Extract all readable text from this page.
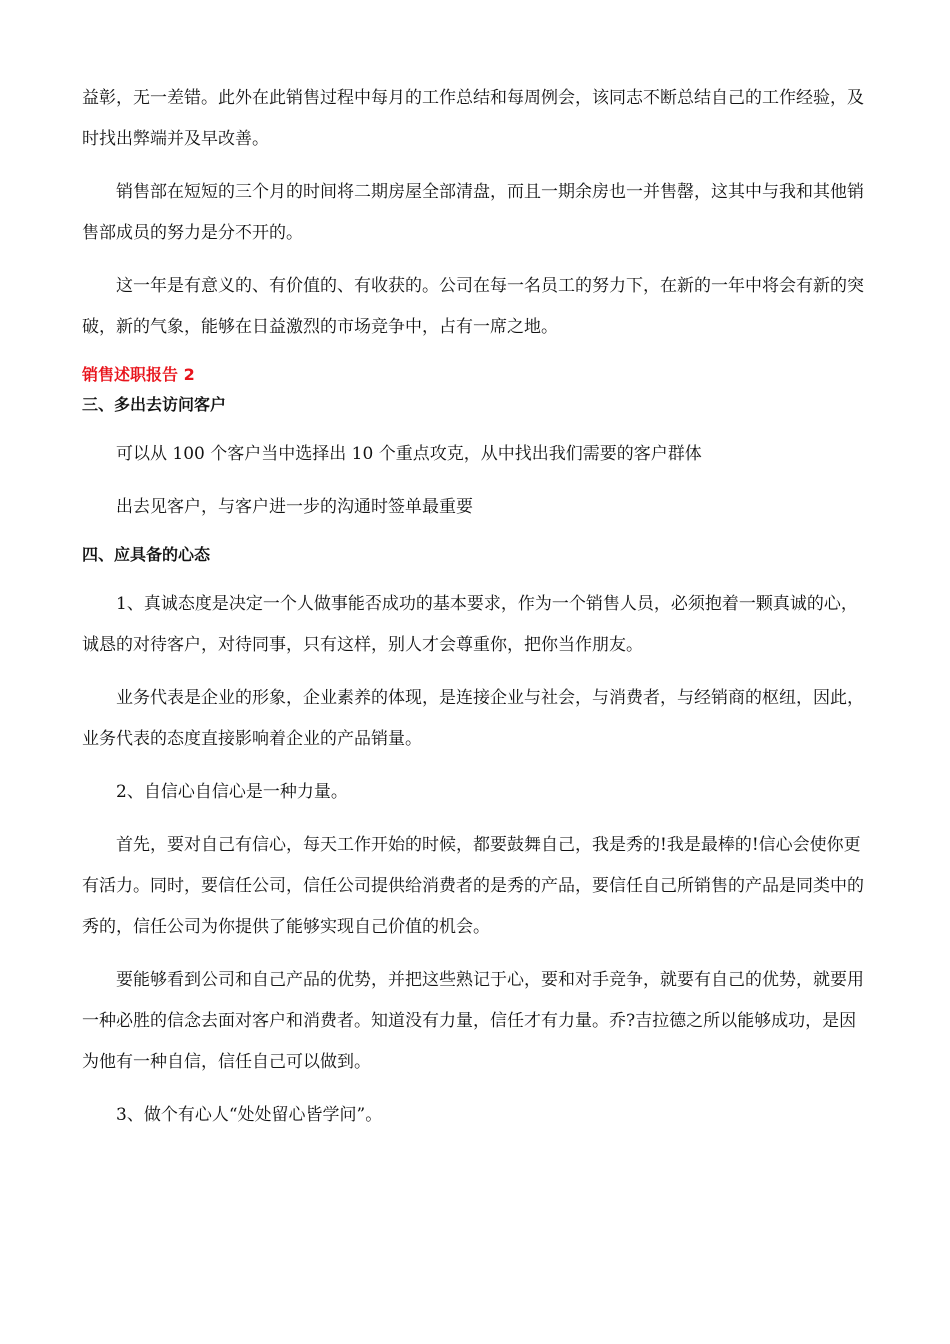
益彰，无一差错。此外在此销售过程中每月的工作总结和每周例会，该同志不断总结自己的工作经验，及时找出弊端并及早改善。

销售部在短短的三个月的时间将二期房屋全部清盘，而且一期余房也一并售罄，这其中与我和其他销售部成员的努力是分不开的。

这一年是有意义的、有价值的、有收获的。公司在每一名员工的努力下，在新的一年中将会有新的突破，新的气象，能够在日益激烈的市场竞争中，占有一席之地。

销售述职报告 2
三、多出去访问客户

可以从 100 个客户当中选择出 10 个重点攻克，从中找出我们需要的客户群体

出去见客户，与客户进一步的沟通时签单最重要

四、应具备的心态

1、真诚态度是决定一个人做事能否成功的基本要求，作为一个销售人员，必须抱着一颗真诚的心，诚恳的对待客户，对待同事，只有这样，别人才会尊重你，把你当作朋友。

业务代表是企业的形象，企业素养的体现，是连接企业与社会，与消费者，与经销商的枢纽，因此，业务代表的态度直接影响着企业的产品销量。

2、自信心自信心是一种力量。

首先，要对自己有信心，每天工作开始的时候，都要鼓舞自己，我是秀的!我是最棒的!信心会使你更有活力。同时，要信任公司，信任公司提供给消费者的是秀的产品，要信任自己所销售的产品是同类中的秀的，信任公司为你提供了能够实现自己价值的机会。

要能够看到公司和自己产品的优势，并把这些熟记于心，要和对手竞争，就要有自己的优势，就要用一种必胜的信念去面对客户和消费者。知道没有力量，信任才有力量。乔?吉拉德之所以能够成功，是因为他有一种自信，信任自己可以做到。

3、做个有心人“处处留心皆学问”。
